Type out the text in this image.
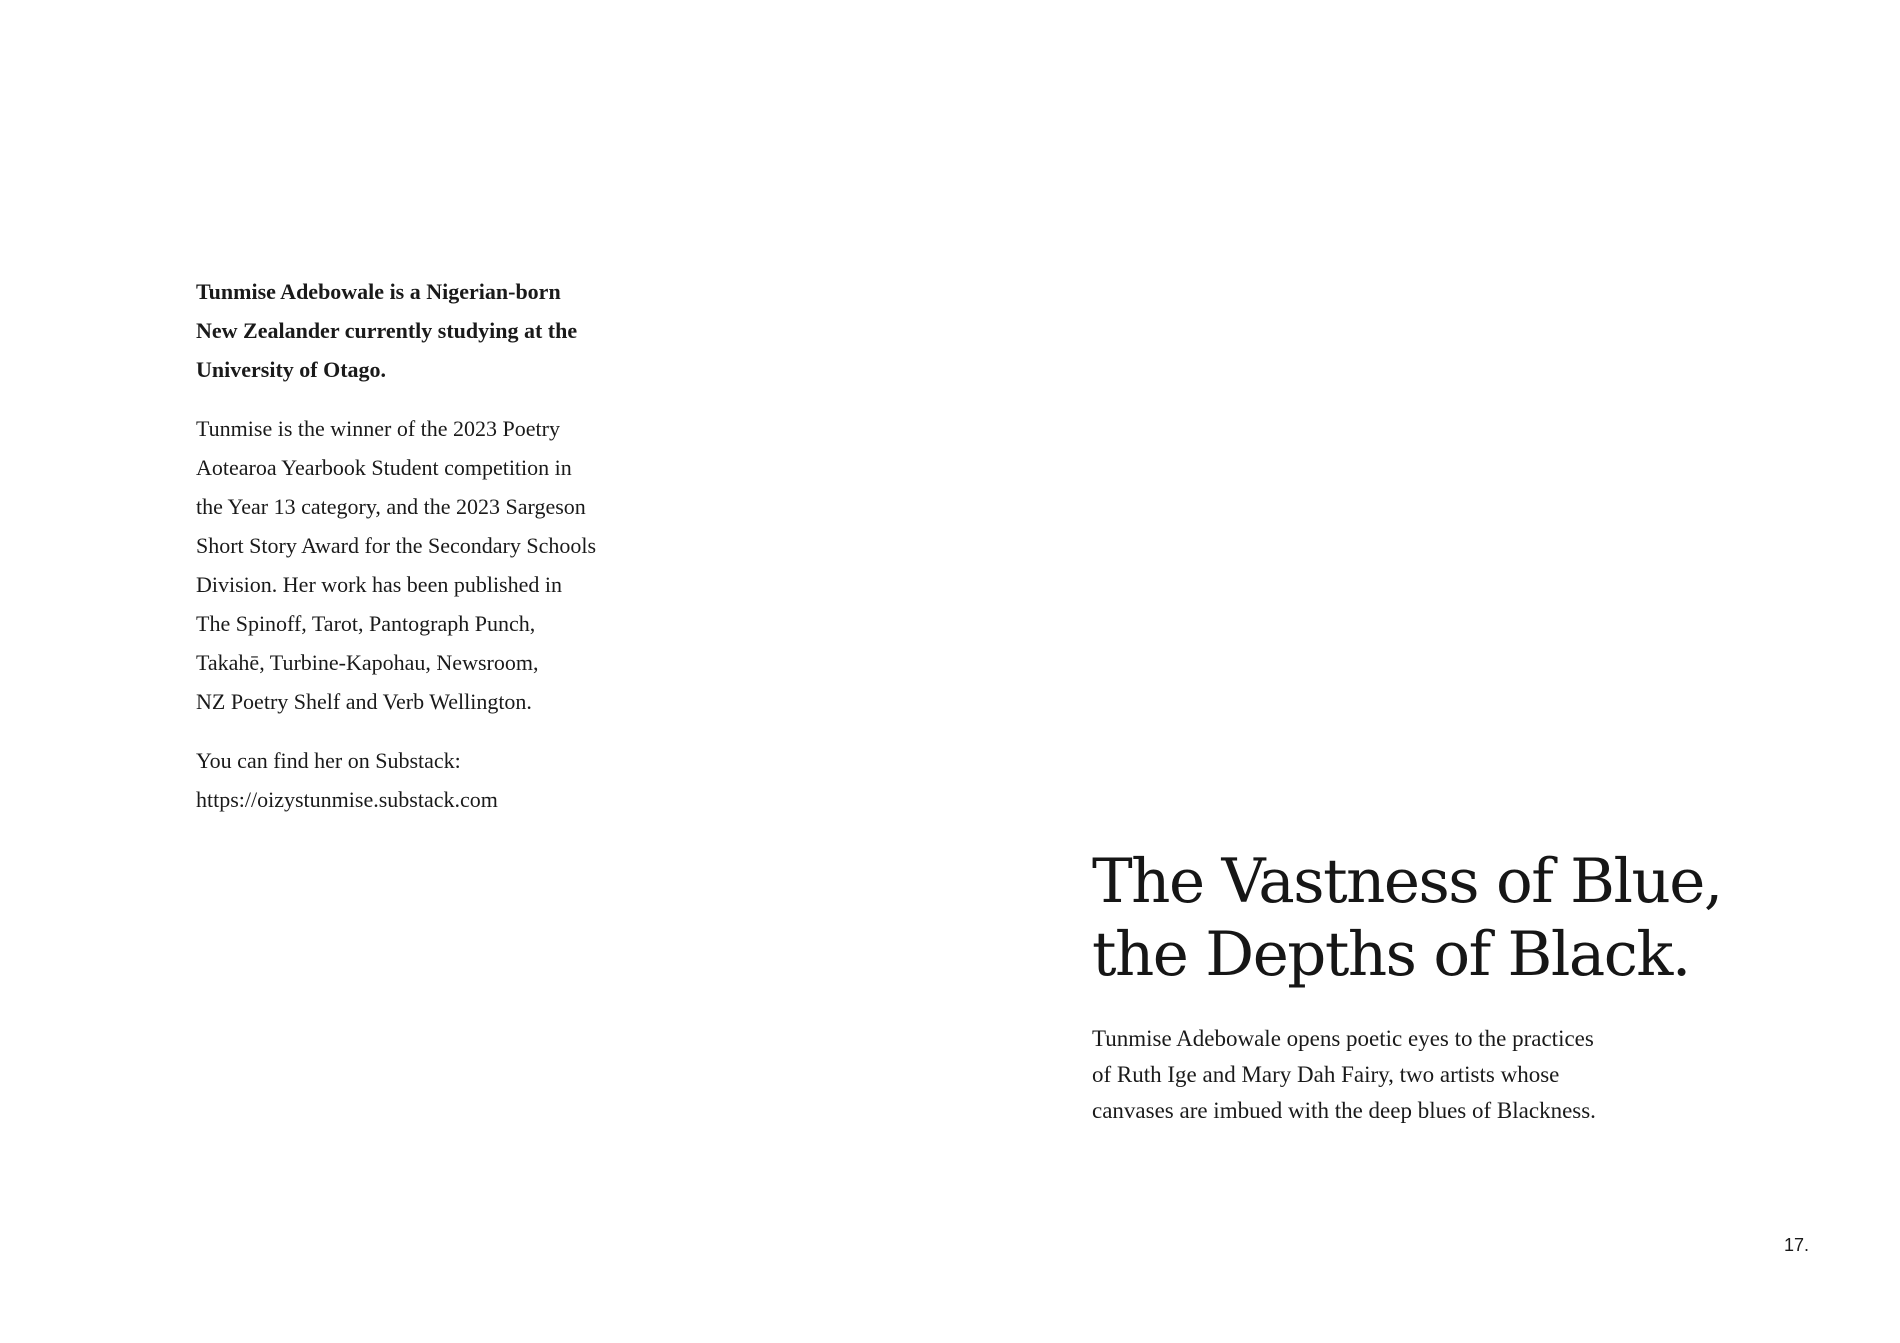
Tunmise Adebowale is a Nigerian-born
New Zealander currently studying at the
University of Otago.

Tunmise is the winner of the 2023 Poetry
Aotearoa Yearbook Student competition in
the Year 13 category, and the 2023 Sargeson
Short Story Award for the Secondary Schools
Division. Her work has been published in
The Spinoff, Tarot, Pantograph Punch,
Takahē, Turbine-Kapohau, Newsroom,
NZ Poetry Shelf and Verb Wellington.

You can find her on Substack:
https://oizystunmise.substack.com

The Vastness of Blue,
the Depths of Black.

Tunmise Adebowale opens poetic eyes to the practices
of Ruth Ige and Mary Dah Fairy, two artists whose
canvases are imbued with the deep blues of Blackness.

17.
